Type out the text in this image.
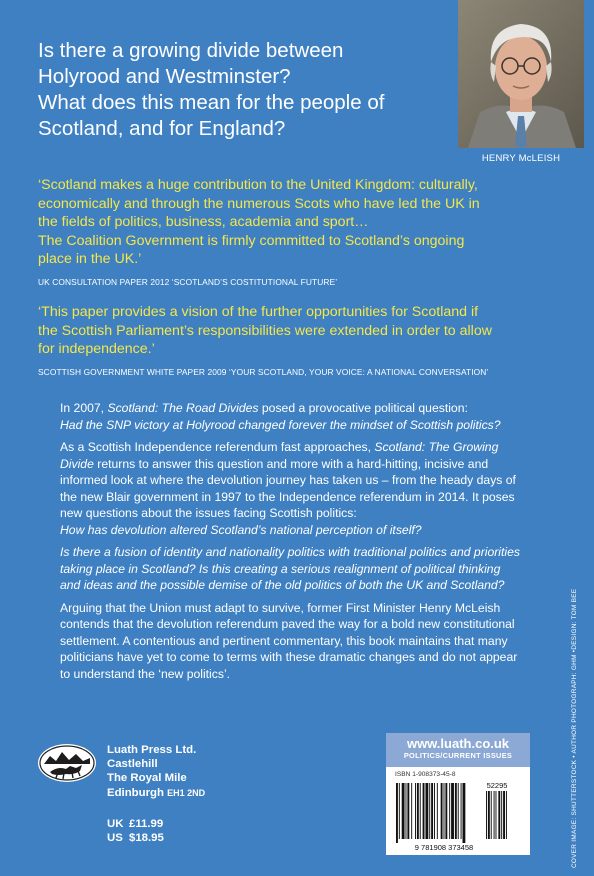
Is there a growing divide between
Holyrood and Westminster?
What does this mean for the people of
Scotland, and for England?
HENRY McLEISH
‘Scotland makes a huge contribution to the United Kingdom: culturally,
economically and through the numerous Scots who have led the UK in
the fields of politics, business, academia and sport…
The Coalition Government is firmly committed to Scotland’s ongoing
place in the UK.’
UK CONSULTATION PAPER 2012 ‘SCOTLAND’S COSTITUTIONAL FUTURE’
‘This paper provides a vision of the further opportunities for Scotland if
the Scottish Parliament’s responsibilities were extended in order to allow
for independence.’
SCOTTISH GOVERNMENT WHITE PAPER 2009 ‘YOUR SCOTLAND, YOUR VOICE: A NATIONAL CONVERSATION’

In 2007, Scotland: The Road Divides posed a provocative political question:
Had the SNP victory at Holyrood changed forever the mindset of Scottish politics?

As a Scottish Independence referendum fast approaches, Scotland: The Growing
Divide returns to answer this question and more with a hard-hitting, incisive and
informed look at where the devolution journey has taken us – from the heady days of
the new Blair government in 1997 to the Independence referendum in 2014. It poses
new questions about the issues facing Scottish politics:
How has devolution altered Scotland’s national perception of itself?

Is there a fusion of identity and nationality politics with traditional politics and priorities
taking place in Scotland? Is this creating a serious realignment of political thinking
and ideas and the possible demise of the old politics of both the UK and Scotland?

Arguing that the Union must adapt to survive, former First Minister Henry McLeish
contends that the devolution referendum paved the way for a bold new constitutional
settlement. A contentious and pertinent commentary, this book maintains that many
politicians have yet to come to terms with these dramatic changes and do not appear
to understand the ‘new politics’.

Luath Press Ltd.
Castlehill
The Royal Mile
Edinburgh EH1 2ND
UK £11.99
US $18.95
www.luath.co.uk
POLITICS/CURRENT ISSUES
ISBN 1-908373-45-8
52295
9 781908 373458	COVER IMAGE: SHUTTERSTOCK • AUTHOR PHOTOGRAPH: GHM •DESIGN: TOM BEE
